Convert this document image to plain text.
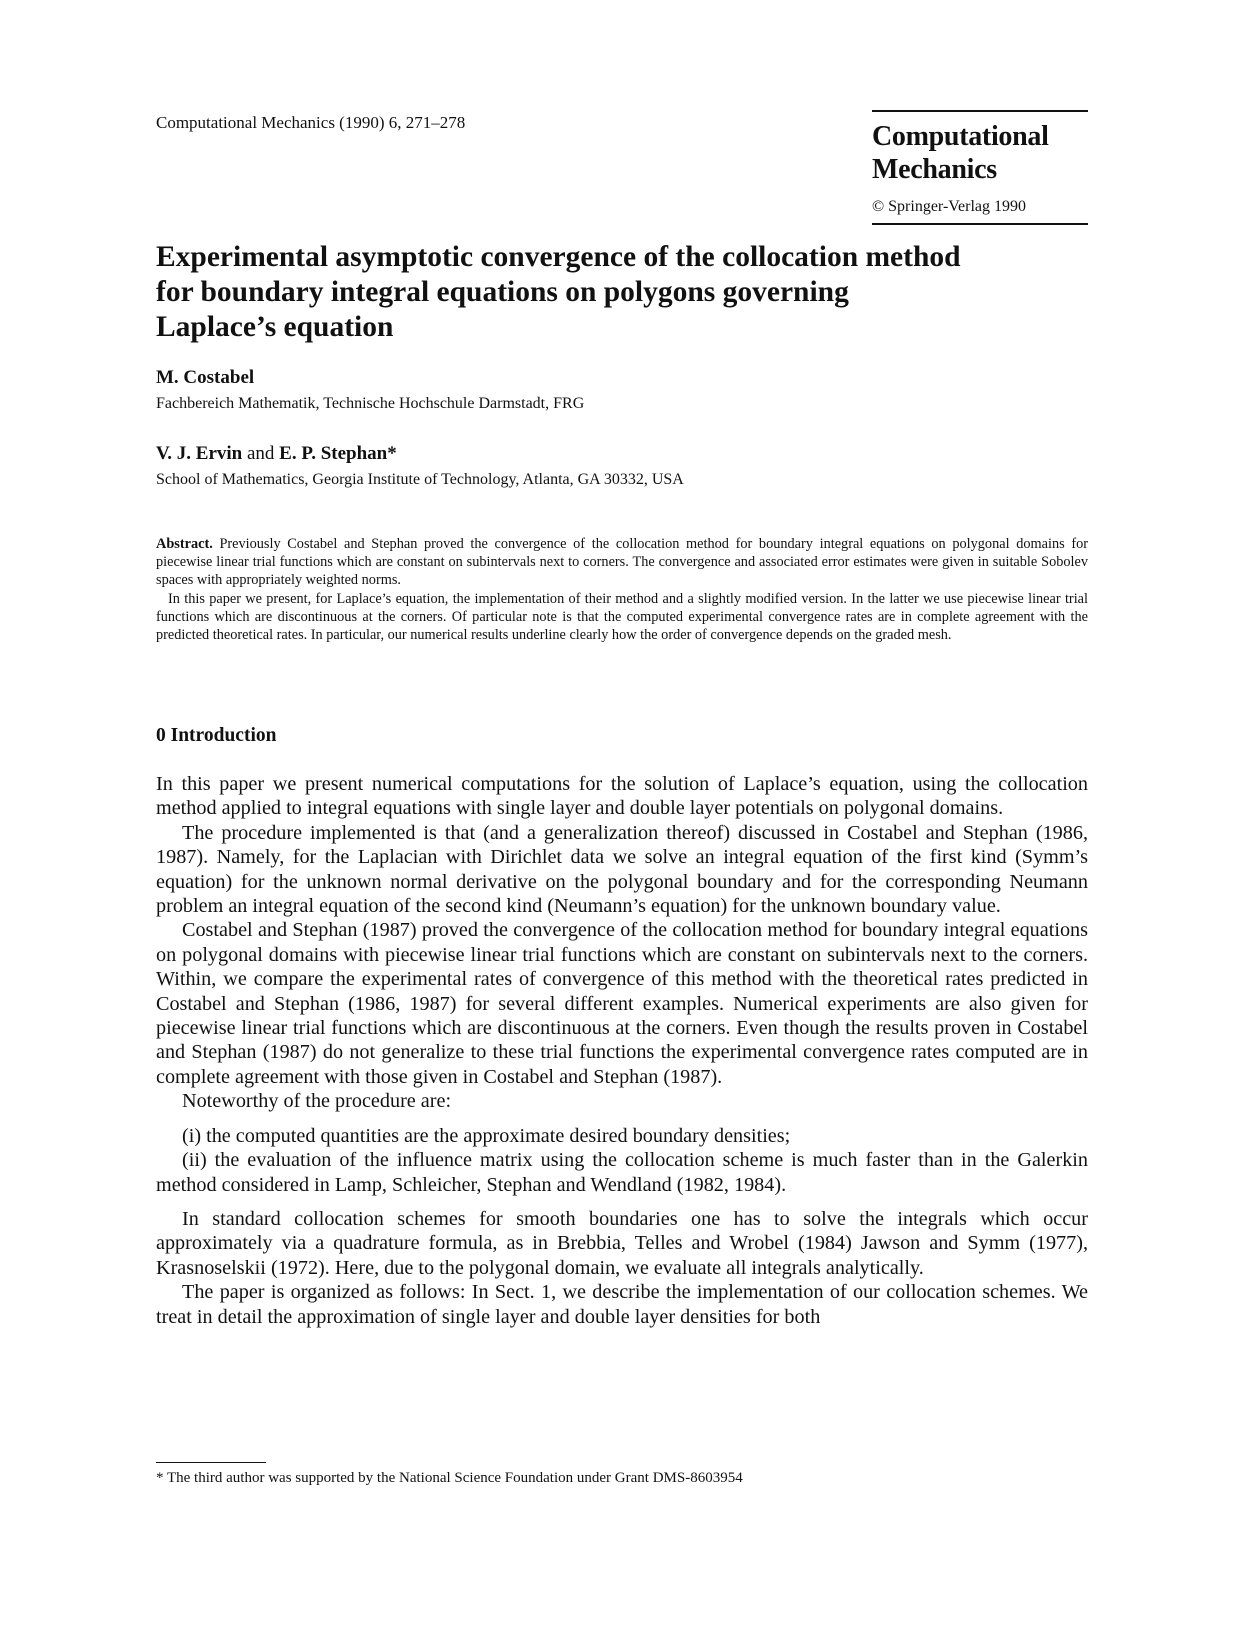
Computational Mechanics (1990) 6, 271–278	Computational
Mechanics
© Springer-Verlag 1990
Experimental asymptotic convergence of the collocation method
for boundary integral equations on polygons governing
Laplace’s equation
M. Costabel
Fachbereich Mathematik, Technische Hochschule Darmstadt, FRG
V. J. Ervin and E. P. Stephan*
School of Mathematics, Georgia Institute of Technology, Atlanta, GA 30332, USA

Abstract. Previously Costabel and Stephan proved the convergence of the collocation method for boundary integral equations on polygonal domains for piecewise linear trial functions which are constant on subintervals next to corners. The convergence and associated error estimates were given in suitable Sobolev spaces with appropriately weighted norms.

In this paper we present, for Laplace’s equation, the implementation of their method and a slightly modified version. In the latter we use piecewise linear trial functions which are discontinuous at the corners. Of particular note is that the computed experimental convergence rates are in complete agreement with the predicted theoretical rates. In particular, our numerical results underline clearly how the order of convergence depends on the graded mesh.

0 Introduction

In this paper we present numerical computations for the solution of Laplace’s equation, using the collocation method applied to integral equations with single layer and double layer potentials on polygonal domains.

The procedure implemented is that (and a generalization thereof) discussed in Costabel and Stephan (1986, 1987). Namely, for the Laplacian with Dirichlet data we solve an integral equation of the first kind (Symm’s equation) for the unknown normal derivative on the polygonal boundary and for the corresponding Neumann problem an integral equation of the second kind (Neumann’s equation) for the unknown boundary value.

Costabel and Stephan (1987) proved the convergence of the collocation method for boundary integral equations on polygonal domains with piecewise linear trial functions which are constant on subintervals next to the corners. Within, we compare the experimental rates of convergence of this method with the theoretical rates predicted in Costabel and Stephan (1986, 1987) for several different examples. Numerical experiments are also given for piecewise linear trial functions which are discontinuous at the corners. Even though the results proven in Costabel and Stephan (1987) do not generalize to these trial functions the experimental convergence rates computed are in complete agreement with those given in Costabel and Stephan (1987).

Noteworthy of the procedure are:

(i) the computed quantities are the approximate desired boundary densities;

(ii) the evaluation of the influence matrix using the collocation scheme is much faster than in the Galerkin method considered in Lamp, Schleicher, Stephan and Wendland (1982, 1984).

In standard collocation schemes for smooth boundaries one has to solve the integrals which occur approximately via a quadrature formula, as in Brebbia, Telles and Wrobel (1984) Jawson and Symm (1977), Krasnoselskii (1972). Here, due to the polygonal domain, we evaluate all integrals analytically.

The paper is organized as follows: In Sect. 1, we describe the implementation of our collocation schemes. We treat in detail the approximation of single layer and double layer densities for both

* The third author was supported by the National Science Foundation under Grant DMS-8603954
